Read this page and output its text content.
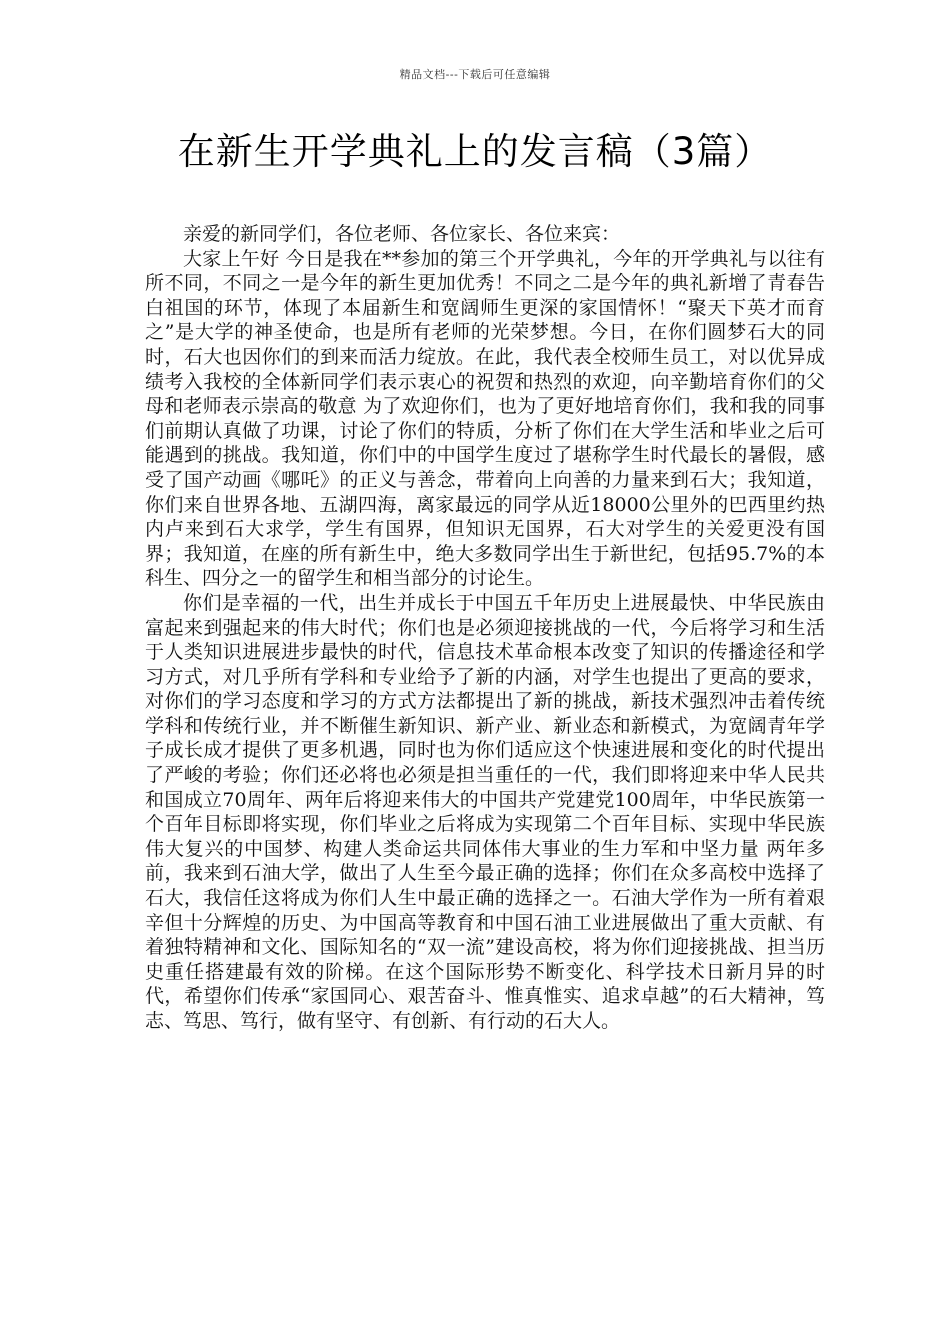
精品文档---下载后可任意编辑
在新生开学典礼上的发言稿（3篇）

亲爱的新同学们，各位老师、各位家长、各位来宾：

大家上午好 今日是我在**参加的第三个开学典礼，今年的开学典礼与以往有所不同，不同之一是今年的新生更加优秀！不同之二是今年的典礼新增了青春告白祖国的环节，体现了本届新生和宽阔师生更深的家国情怀！“聚天下英才而育之”是大学的神圣使命，也是所有老师的光荣梦想。今日，在你们圆梦石大的同时，石大也因你们的到来而活力绽放。在此，我代表全校师生员工，对以优异成绩考入我校的全体新同学们表示衷心的祝贺和热烈的欢迎，向辛勤培育你们的父母和老师表示崇高的敬意 为了欢迎你们，也为了更好地培育你们，我和我的同事们前期认真做了功课，讨论了你们的特质，分析了你们在大学生活和毕业之后可能遇到的挑战。我知道，你们中的中国学生度过了堪称学生时代最长的暑假，感受了国产动画《哪吒》的正义与善念，带着向上向善的力量来到石大；我知道，你们来自世界各地、五湖四海，离家最远的同学从近18000公里外的巴西里约热内卢来到石大求学，学生有国界，但知识无国界，石大对学生的关爱更没有国界；我知道，在座的所有新生中，绝大多数同学出生于新世纪，包括95.7%的本科生、四分之一的留学生和相当部分的讨论生。

你们是幸福的一代，出生并成长于中国五千年历史上进展最快、中华民族由富起来到强起来的伟大时代；你们也是必须迎接挑战的一代，今后将学习和生活于人类知识进展进步最快的时代，信息技术革命根本改变了知识的传播途径和学习方式，对几乎所有学科和专业给予了新的内涵，对学生也提出了更高的要求，对你们的学习态度和学习的方式方法都提出了新的挑战，新技术强烈冲击着传统学科和传统行业，并不断催生新知识、新产业、新业态和新模式，为宽阔青年学子成长成才提供了更多机遇，同时也为你们适应这个快速进展和变化的时代提出了严峻的考验；你们还必将也必须是担当重任的一代，我们即将迎来中华人民共和国成立70周年、两年后将迎来伟大的中国共产党建党100周年，中华民族第一个百年目标即将实现，你们毕业之后将成为实现第二个百年目标、实现中华民族伟大复兴的中国梦、构建人类命运共同体伟大事业的生力军和中坚力量 两年多前，我来到石油大学，做出了人生至今最正确的选择；你们在众多高校中选择了石大，我信任这将成为你们人生中最正确的选择之一。石油大学作为一所有着艰辛但十分辉煌的历史、为中国高等教育和中国石油工业进展做出了重大贡献、有着独特精神和文化、国际知名的“双一流”建设高校，将为你们迎接挑战、担当历史重任搭建最有效的阶梯。在这个国际形势不断变化、科学技术日新月异的时代，希望你们传承“家国同心、艰苦奋斗、惟真惟实、追求卓越”的石大精神，笃志、笃思、笃行，做有坚守、有创新、有行动的石大人。
